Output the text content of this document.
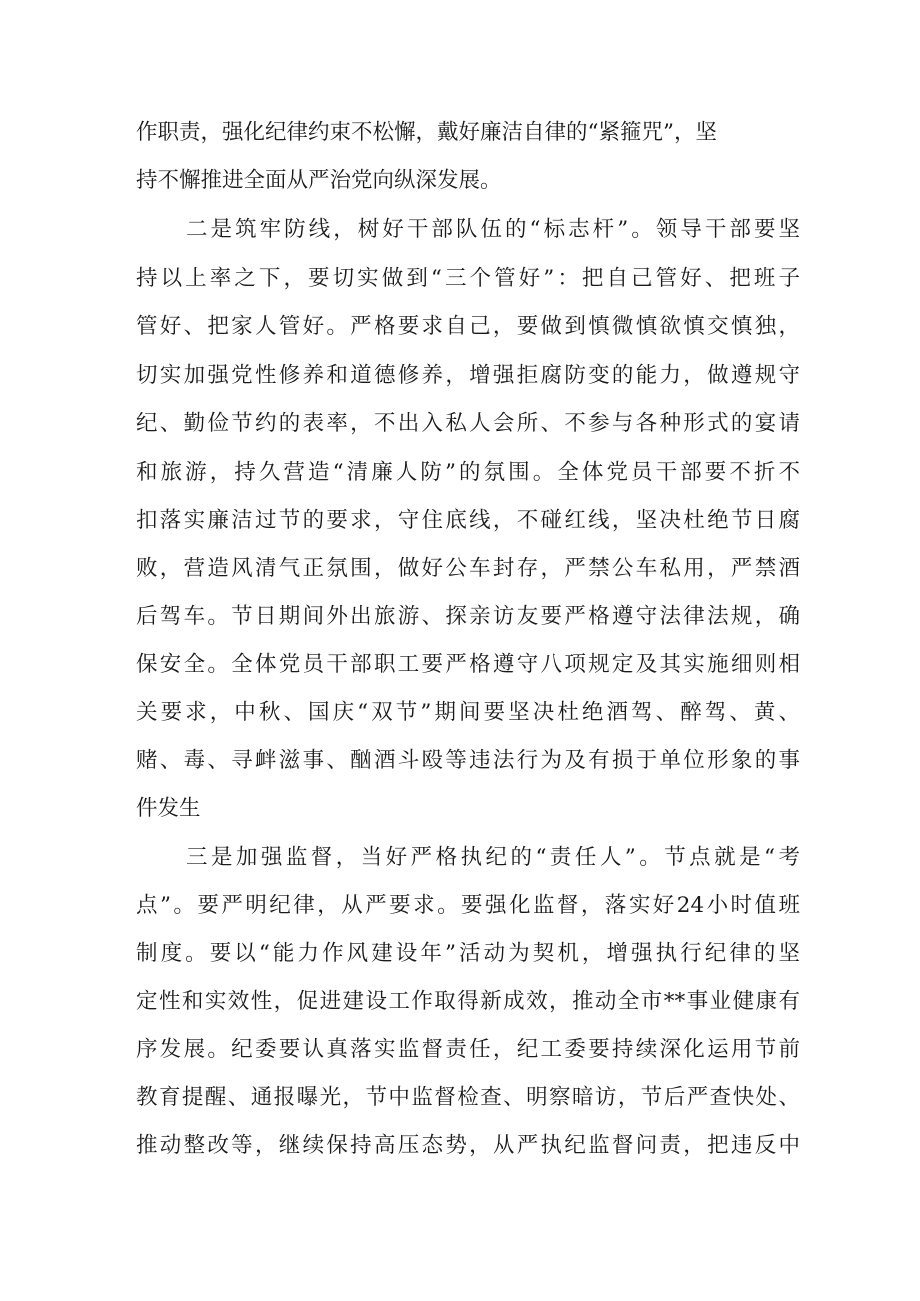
作职责，强化纪律约束不松懈，戴好廉洁自律的“紧箍咒”，坚
持不懈推进全面从严治党向纵深发展。
二是筑牢防线，树好干部队伍的“标志杆”。领导干部要坚
持以上率之下，要切实做到“三个管好”：把自己管好、把班子
管好、把家人管好。严格要求自己，要做到慎微慎欲慎交慎独，
切实加强党性修养和道德修养，增强拒腐防变的能力，做遵规守
纪、勤俭节约的表率，不出入私人会所、不参与各种形式的宴请
和旅游，持久营造“清廉人防”的氛围。全体党员干部要不折不
扣落实廉洁过节的要求，守住底线，不碰红线，坚决杜绝节日腐
败，营造风清气正氛围，做好公车封存，严禁公车私用，严禁酒
后驾车。节日期间外出旅游、探亲访友要严格遵守法律法规，确
保安全。全体党员干部职工要严格遵守八项规定及其实施细则相
关要求，中秋、国庆“双节”期间要坚决杜绝酒驾、醉驾、黄、
赌、毒、寻衅滋事、酗酒斗殴等违法行为及有损于单位形象的事
件发生
三是加强监督，当好严格执纪的“责任人”。节点就是“考
点”。要严明纪律，从严要求。要强化监督，落实好24小时值班
制度。要以“能力作风建设年”活动为契机，增强执行纪律的坚
定性和实效性，促进建设工作取得新成效，推动全市**事业健康有
序发展。纪委要认真落实监督责任，纪工委要持续深化运用节前
教育提醒、通报曝光，节中监督检查、明察暗访，节后严查快处、
推动整改等，继续保持高压态势，从严执纪监督问责，把违反中
